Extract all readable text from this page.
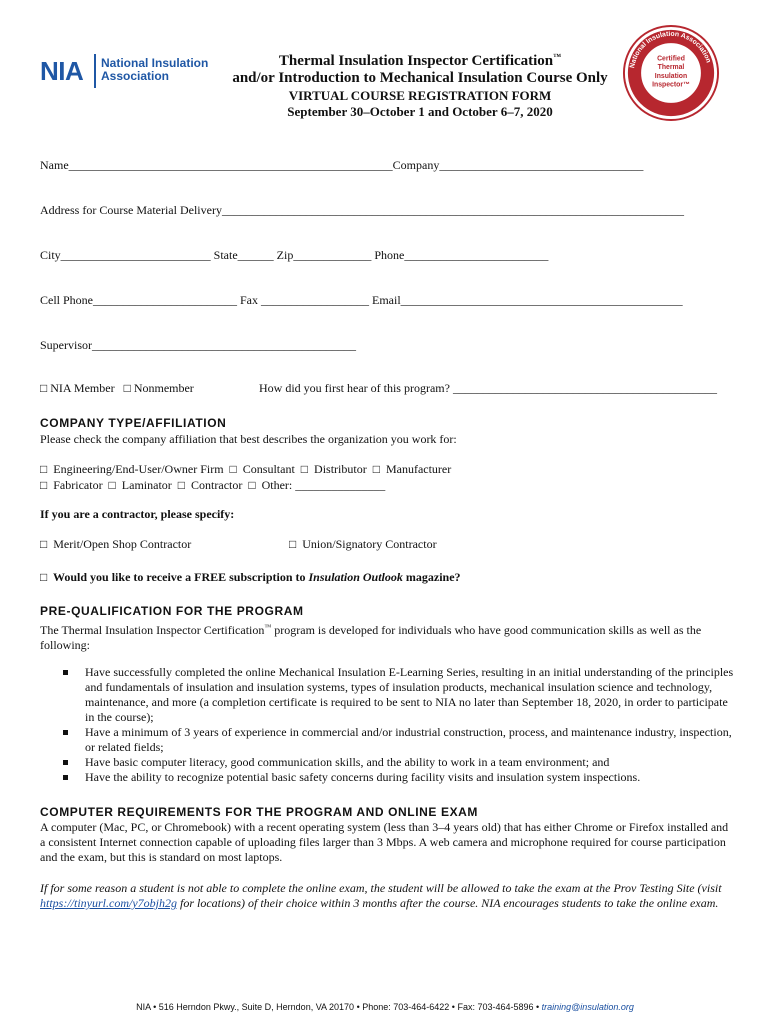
NIA National Insulation
Association
Thermal Insulation Inspector Certification™
and/or Introduction to Mechanical Insulation Course Only
VIRTUAL COURSE REGISTRATION FORM
September 30–October 1 and October 6–7, 2020
National Insulation Association
Certified
Thermal
Insulation
Inspector™
Name______________________________________________________Company__________________________________
Address for Course Material Delivery_____________________________________________________________________________
City_________________________ State______ Zip_____________ Phone________________________
Cell Phone________________________ Fax __________________ Email_______________________________________________
Supervisor____________________________________________
□ NIA Member   □ Nonmember	How did you first hear of this program? ____________________________________________
COMPANY TYPE/AFFILIATION
Please check the company affiliation that best describes the organization you work for:
□  Engineering/End-User/Owner Firm  □  Consultant  □  Distributor  □  Manufacturer
□  Fabricator  □  Laminator  □  Contractor  □  Other: _______________
If you are a contractor, please specify:
□  Merit/Open Shop Contractor	□  Union/Signatory Contractor
□  Would you like to receive a FREE subscription to Insulation Outlook magazine?
PRE-QUALIFICATION FOR THE PROGRAM
The Thermal Insulation Inspector Certification™ program is developed for individuals who have good communication skills as well as the
following:
Have successfully completed the online Mechanical Insulation E-Learning Series, resulting in an initial understanding of the principles and fundamentals of insulation and insulation systems, types of insulation products, mechanical insulation science and technology, maintenance, and more (a completion certificate is required to be sent to NIA no later than September 18, 2020, in order to participate in the course);
Have a minimum of 3 years of experience in commercial and/or industrial construction, process, and maintenance industry, inspection, or related fields;
Have basic computer literacy, good communication skills, and the ability to work in a team environment; and
Have the ability to recognize potential basic safety concerns during facility visits and insulation system inspections.
COMPUTER REQUIREMENTS FOR THE PROGRAM AND ONLINE EXAM
A computer (Mac, PC, or Chromebook) with a recent operating system (less than 3–4 years old) that has either Chrome or Firefox installed and a consistent Internet connection capable of uploading files larger than 3 Mbps. A web camera and microphone required for course participation and the exam, but this is standard on most laptops.
If for some reason a student is not able to complete the online exam, the student will be allowed to take the exam at the Prov Testing Site (visit https://tinyurl.com/y7objh2g for locations) of their choice within 3 months after the course. NIA encourages students to take the online exam.
NIA • 516 Herndon Pkwy., Suite D, Herndon, VA 20170 • Phone: 703-464-6422 • Fax: 703-464-5896 • training@insulation.org
